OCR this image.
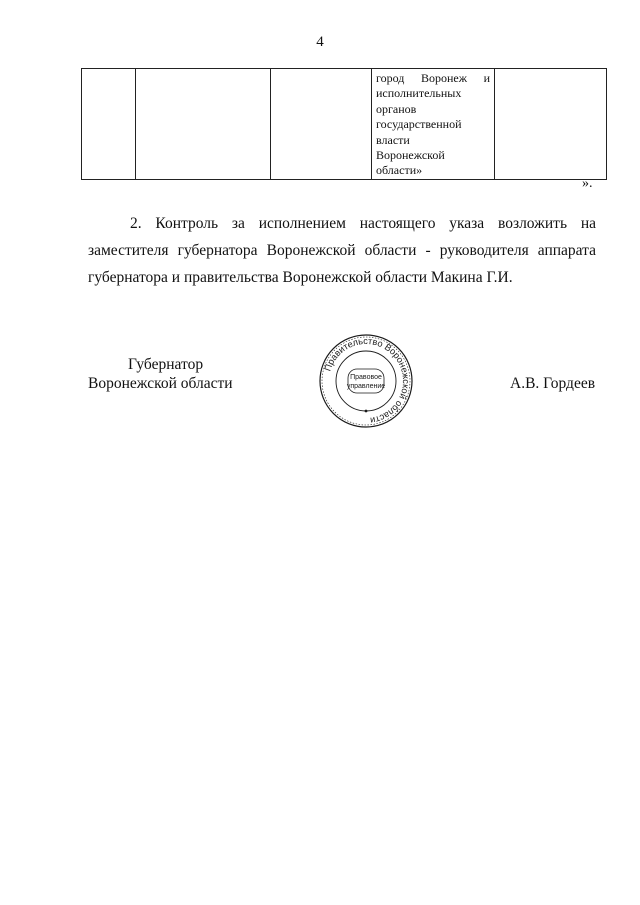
4

город Воронеж и
исполнительных
органов
государственной
власти
Воронежской
области»

».
2. Контроль за исполнением настоящего указа возложить на
заместителя губернатора Воронежской области - руководителя аппарата
губернатора и правительства Воронежской области Макина Г.И.
Губернатор
Воронежской области
Правительство Воронежской области
Правовое
управление	А.В. Гордеев
